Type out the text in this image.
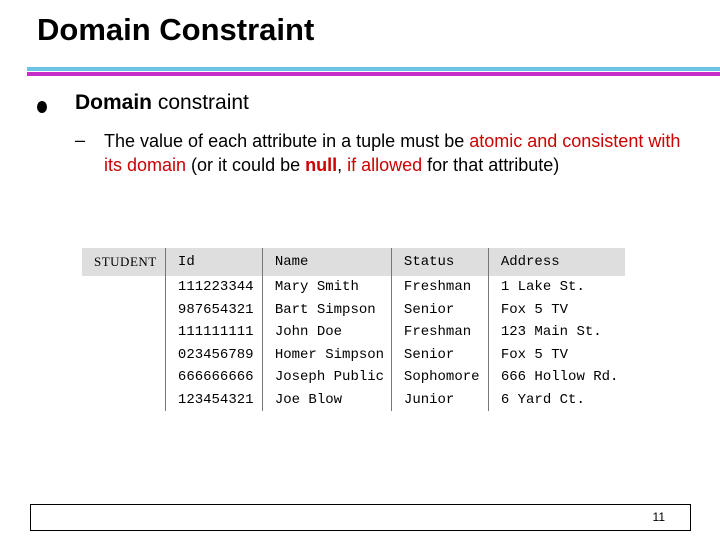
Domain Constraint
Domain constraint
– The value of each attribute in a tuple must be atomic and consistent with its domain (or it could be null, if allowed for that attribute)
STUDENT	Id	Name	Status	Address
	111223344	Mary Smith	Freshman	1 Lake St.
	987654321	Bart Simpson	Senior	Fox 5 TV
	111111111	John Doe	Freshman	123 Main St.
	023456789	Homer Simpson	Senior	Fox 5 TV
	666666666	Joseph Public	Sophomore	666 Hollow Rd.
	123454321	Joe Blow	Junior	6 Yard Ct.
11
